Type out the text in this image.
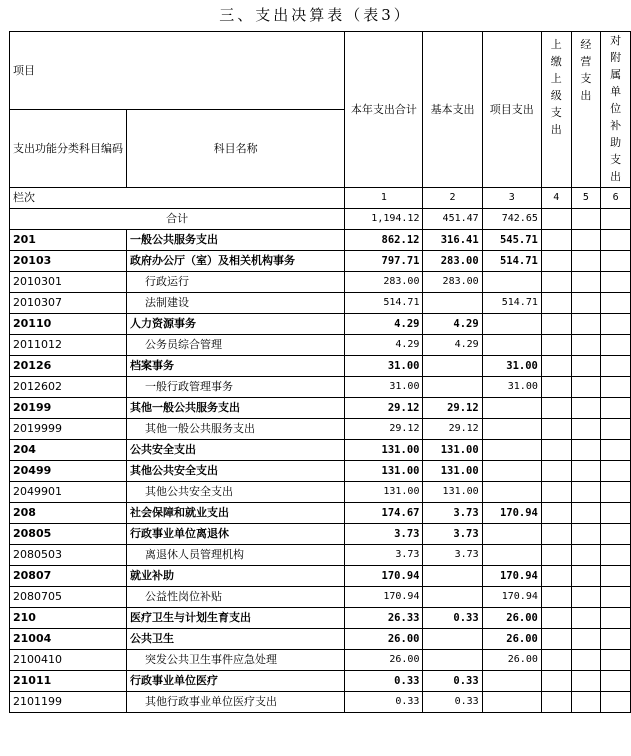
三、支出决算表（表3）
项目		本年支出合计	基本支出	项目支出	上缴上级支出	经营支出	对附属单位补助支出
支出功能分类科目编码	科目名称						
栏次		1	2	3	4	5	6
合计		1,194.12	451.47	742.65			
201	一般公共服务支出	862.12	316.41	545.71			
20103	政府办公厅（室）及相关机构事务	797.71	283.00	514.71			
2010301	行政运行	283.00	283.00				
2010307	法制建设	514.71		514.71			
20110	人力资源事务	4.29	4.29				
2011012	公务员综合管理	4.29	4.29				
20126	档案事务	31.00		31.00			
2012602	一般行政管理事务	31.00		31.00			
20199	其他一般公共服务支出	29.12	29.12				
2019999	其他一般公共服务支出	29.12	29.12				
204	公共安全支出	131.00	131.00				
20499	其他公共安全支出	131.00	131.00				
2049901	其他公共安全支出	131.00	131.00				
208	社会保障和就业支出	174.67	3.73	170.94			
20805	行政事业单位离退休	3.73	3.73				
2080503	离退休人员管理机构	3.73	3.73				
20807	就业补助	170.94		170.94			
2080705	公益性岗位补贴	170.94		170.94			
210	医疗卫生与计划生育支出	26.33	0.33	26.00			
21004	公共卫生	26.00		26.00			
2100410	突发公共卫生事件应急处理	26.00		26.00			
21011	行政事业单位医疗	0.33	0.33				
2101199	其他行政事业单位医疗支出	0.33	0.33				
